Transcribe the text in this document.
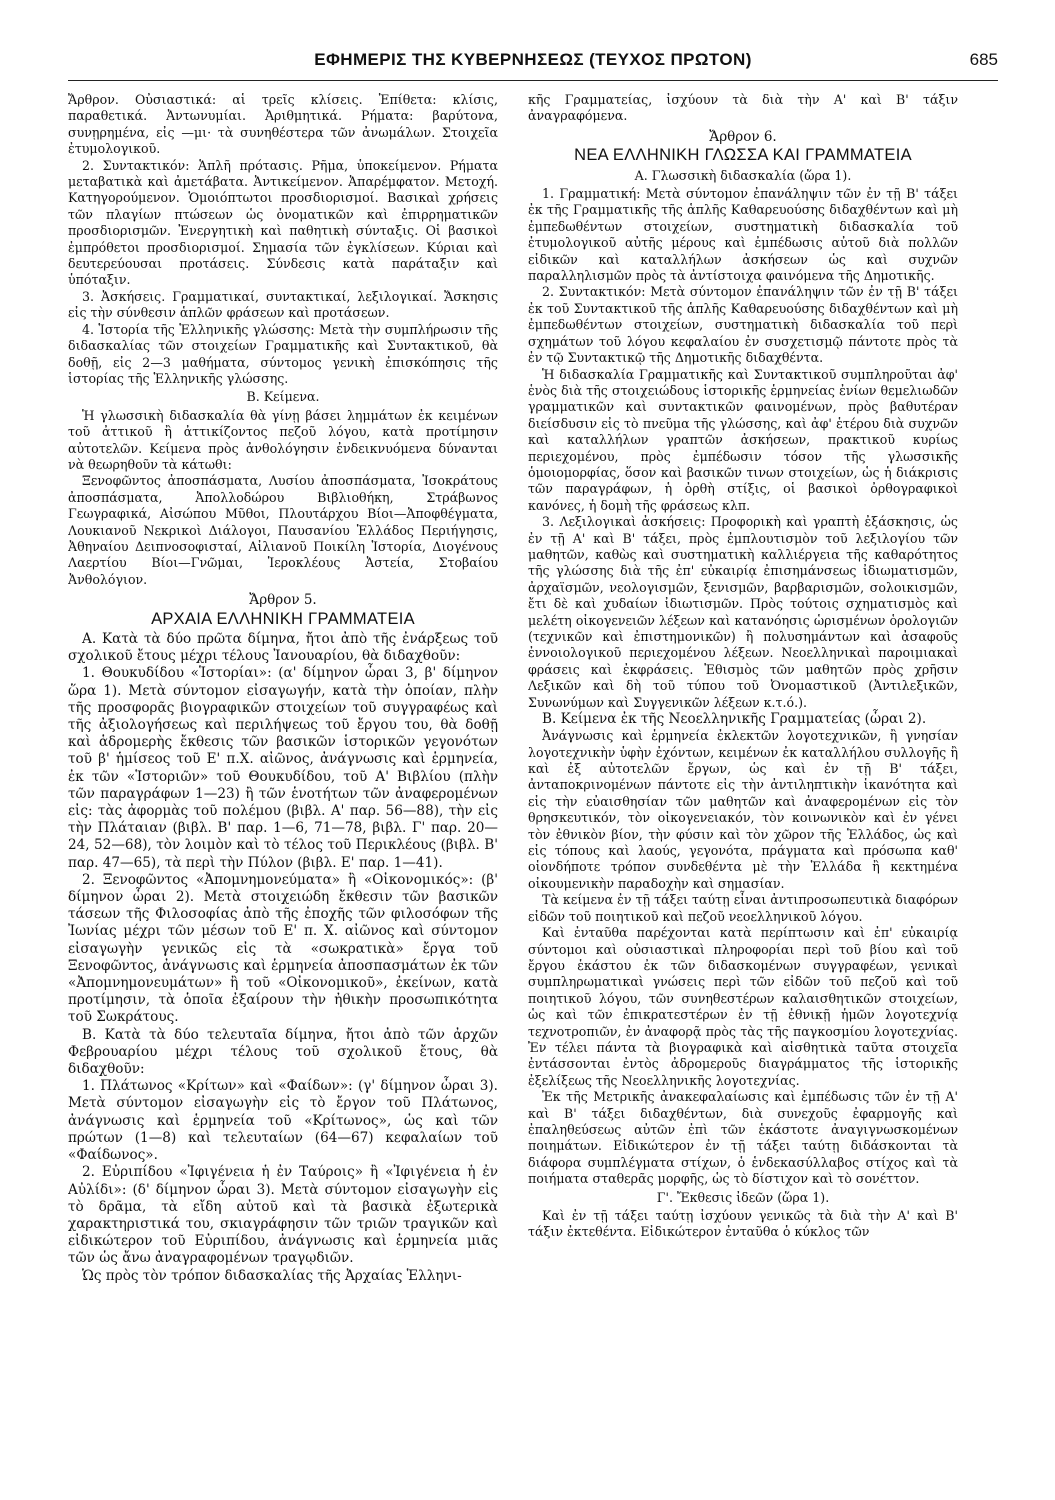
ΕΦΗΜΕΡΙΣ ΤΗΣ ΚΥΒΕΡΝΗΣΕΩΣ (ΤΕΥΧΟΣ ΠΡΩΤΟΝ)	685

Ἄρθρον. Οὐσιαστικά: αἱ τρεῖς κλίσεις. Ἐπίθετα: κλίσις, παραθετικά. Ἀντωνυμίαι. Ἀριθμητικά. Ρήματα: βαρύτονα, συνῃρημένα, εἰς —μι· τὰ συνηθέστερα τῶν ἀνωμάλων. Στοιχεῖα ἐτυμολογικοῦ.

2. Συντακτικόν: Ἁπλῆ πρότασις. Ρῆμα, ὑποκείμενον. Ρήματα μεταβατικὰ καὶ ἀμετάβατα. Ἀντικείμενον. Ἀπαρέμφατον. Μετοχή. Κατηγορούμενον. Ὁμοιόπτωτοι προσδιορισμοί. Βασικαὶ χρήσεις τῶν πλαγίων πτώσεων ὡς ὀνοματικῶν καὶ ἐπιρρηματικῶν προσδιορισμῶν. Ἐνεργητικὴ καὶ παθητικὴ σύνταξις. Οἱ βασικοὶ ἐμπρόθετοι προσδιορισμοί. Σημασία τῶν ἐγκλίσεων. Κύριαι καὶ δευτερεύουσαι προτάσεις. Σύνδεσις κατὰ παράταξιν καὶ ὑπόταξιν.

3. Ἀσκήσεις. Γραμματικαί, συντακτικαί, λεξιλογικαί. Ἄσκησις εἰς τὴν σύνθεσιν ἁπλῶν φράσεων καὶ προτάσεων.

4. Ἱστορία τῆς Ἑλληνικῆς γλώσσης: Μετὰ τὴν συμπλήρωσιν τῆς διδασκαλίας τῶν στοιχείων Γραμματικῆς καὶ Συντακτικοῦ, θὰ δοθῇ, εἰς 2—3 μαθήματα, σύντομος γενικὴ ἐπισκόπησις τῆς ἱστορίας τῆς Ἑλληνικῆς γλώσσης.

Β. Κείμενα.

Ἡ γλωσσικὴ διδασκαλία θὰ γίνῃ βάσει λημμάτων ἐκ κειμένων τοῦ ἀττικοῦ ἢ ἀττικίζοντος πεζοῦ λόγου, κατὰ προτίμησιν αὐτοτελῶν. Κείμενα πρὸς ἀνθολόγησιν ἐνδεικνυόμενα δύνανται νὰ θεωρηθοῦν τὰ κάτωθι:

Ξενοφῶντος ἀποσπάσματα, Λυσίου ἀποσπάσματα, Ἰσοκράτους ἀποσπάσματα, Ἀπολλοδώρου Βιβλιοθήκη, Στράβωνος Γεωγραφικά, Αἰσώπου Μῦθοι, Πλουτάρχου Βίοι—Ἀποφθέγματα, Λουκιανοῦ Νεκρικοὶ Διάλογοι, Παυσανίου Ἑλλάδος Περιήγησις, Ἀθηναίου Δειπνοσοφισταί, Αἰλιανοῦ Ποικίλη Ἱστορία, Διογένους Λαερτίου Βίοι—Γνῶμαι, Ἱεροκλέους Ἀστεία, Στοβαίου Ἀνθολόγιον.

Ἄρθρον 5.

ΑΡΧΑΙΑ ΕΛΛΗΝΙΚΗ ΓΡΑΜΜΑΤΕΙΑ

Α. Κατὰ τὰ δύο πρῶτα δίμηνα, ἤτοι ἀπὸ τῆς ἐνάρξεως τοῦ σχολικοῦ ἔτους μέχρι τέλους Ἰανουαρίου, θὰ διδαχθοῦν:

1. Θουκυδίδου «Ἱστορίαι»: (α' δίμηνον ὧραι 3, β' δίμηνον ὥρα 1). Μετὰ σύντομον εἰσαγωγήν, κατὰ τὴν ὁποίαν, πλὴν τῆς προσφορᾶς βιογραφικῶν στοιχείων τοῦ συγγραφέως καὶ τῆς ἀξιολογήσεως καὶ περιλήψεως τοῦ ἔργου του, θὰ δοθῇ καὶ ἁδρομερὴς ἔκθεσις τῶν βασικῶν ἱστορικῶν γεγονότων τοῦ β' ἡμίσεος τοῦ Ε' π.Χ. αἰῶνος, ἀνάγνωσις καὶ ἑρμηνεία, ἐκ τῶν «Ἱστοριῶν» τοῦ Θουκυδίδου, τοῦ Α' Βιβλίου (πλὴν τῶν παραγράφων 1—23) ἢ τῶν ἑνοτήτων τῶν ἀναφερομένων εἰς: τὰς ἀφορμὰς τοῦ πολέμου (βιβλ. Α' παρ. 56—88), τὴν εἰς τὴν Πλάταιαν (βιβλ. Β' παρ. 1—6, 71—78, βιβλ. Γ' παρ. 20—24, 52—68), τὸν λοιμὸν καὶ τὸ τέλος τοῦ Περικλέους (βιβλ. Β' παρ. 47—65), τὰ περὶ τὴν Πύλον (βιβλ. Ε' παρ. 1—41).

2. Ξενοφῶντος «Ἀπομνημονεύματα» ἢ «Οἰκονομικός»: (β' δίμηνον ὧραι 2). Μετὰ στοιχειώδη ἔκθεσιν τῶν βασικῶν τάσεων τῆς Φιλοσοφίας ἀπὸ τῆς ἐποχῆς τῶν φιλοσόφων τῆς Ἰωνίας μέχρι τῶν μέσων τοῦ Ε' π. Χ. αἰῶνος καὶ σύντομον εἰσαγωγὴν γενικῶς εἰς τὰ «σωκρατικὰ» ἔργα τοῦ Ξενοφῶντος, ἀνάγνωσις καὶ ἑρμηνεία ἀποσπασμάτων ἐκ τῶν «Ἀπομνημονευμάτων» ἢ τοῦ «Οἰκονομικοῦ», ἐκείνων, κατὰ προτίμησιν, τὰ ὁποῖα ἐξαίρουν τὴν ἠθικὴν προσωπικότητα τοῦ Σωκράτους.

Β. Κατὰ τὰ δύο τελευταῖα δίμηνα, ἤτοι ἀπὸ τῶν ἀρχῶν Φεβρουαρίου μέχρι τέλους τοῦ σχολικοῦ ἔτους, θὰ διδαχθοῦν:

1. Πλάτωνος «Κρίτων» καὶ «Φαίδων»: (γ' δίμηνον ὧραι 3). Μετὰ σύντομον εἰσαγωγὴν εἰς τὸ ἔργον τοῦ Πλάτωνος, ἀνάγνωσις καὶ ἑρμηνεία τοῦ «Κρίτωνος», ὡς καὶ τῶν πρώτων (1—8) καὶ τελευταίων (64—67) κεφαλαίων τοῦ «Φαίδωνος».

2. Εὐριπίδου «Ἰφιγένεια ἡ ἐν Ταύροις» ἢ «Ἰφιγένεια ἡ ἐν Αὐλίδι»: (δ' δίμηνον ὧραι 3). Μετὰ σύντομον εἰσαγωγὴν εἰς τὸ δρᾶμα, τὰ εἴδη αὐτοῦ καὶ τὰ βασικὰ ἐξωτερικὰ χαρακτηριστικά του, σκιαγράφησιν τῶν τριῶν τραγικῶν καὶ εἰδικώτερον τοῦ Εὐριπίδου, ἀνάγνωσις καὶ ἑρμηνεία μιᾶς τῶν ὡς ἄνω ἀναγραφομένων τραγῳδιῶν.

Ὡς πρὸς τὸν τρόπον διδασκαλίας τῆς Ἀρχαίας Ἑλληνι-

κῆς Γραμματείας, ἰσχύουν τὰ διὰ τὴν Α' καὶ Β' τάξιν ἀναγραφόμενα.

Ἄρθρον 6.

ΝΕΑ ΕΛΛΗΝΙΚΗ ΓΛΩΣΣΑ ΚΑΙ ΓΡΑΜΜΑΤΕΙΑ

Α. Γλωσσικὴ διδασκαλία (ὥρα 1).

1. Γραμματική: Μετὰ σύντομον ἐπανάληψιν τῶν ἐν τῇ Β' τάξει ἐκ τῆς Γραμματικῆς τῆς ἁπλῆς Καθαρευούσης διδαχθέντων καὶ μὴ ἐμπεδωθέντων στοιχείων, συστηματικὴ διδασκαλία τοῦ ἐτυμολογικοῦ αὐτῆς μέρους καὶ ἐμπέδωσις αὐτοῦ διὰ πολλῶν εἰδικῶν καὶ καταλλήλων ἀσκήσεων ὡς καὶ συχνῶν παραλληλισμῶν πρὸς τὰ ἀντίστοιχα φαινόμενα τῆς Δημοτικῆς.

2. Συντακτικόν: Μετὰ σύντομον ἐπανάληψιν τῶν ἐν τῇ Β' τάξει ἐκ τοῦ Συντακτικοῦ τῆς ἁπλῆς Καθαρευούσης διδαχθέντων καὶ μὴ ἐμπεδωθέντων στοιχείων, συστηματικὴ διδασκαλία τοῦ περὶ σχημάτων τοῦ λόγου κεφαλαίου ἐν συσχετισμῷ πάντοτε πρὸς τὰ ἐν τῷ Συντακτικῷ τῆς Δημοτικῆς διδαχθέντα.

Ἡ διδασκαλία Γραμματικῆς καὶ Συντακτικοῦ συμπληροῦται ἀφ' ἑνὸς διὰ τῆς στοιχειώδους ἱστορικῆς ἑρμηνείας ἐνίων θεμελιωδῶν γραμματικῶν καὶ συντακτικῶν φαινομένων, πρὸς βαθυτέραν διείσδυσιν εἰς τὸ πνεῦμα τῆς γλώσσης, καὶ ἀφ' ἑτέρου διὰ συχνῶν καὶ καταλλήλων γραπτῶν ἀσκήσεων, πρακτικοῦ κυρίως περιεχομένου, πρὸς ἐμπέδωσιν τόσον τῆς γλωσσικῆς ὁμοιομορφίας, ὅσον καὶ βασικῶν τινων στοιχείων, ὡς ἡ διάκρισις τῶν παραγράφων, ἡ ὀρθὴ στίξις, οἱ βασικοὶ ὀρθογραφικοὶ κανόνες, ἡ δομὴ τῆς φράσεως κλπ.

3. Λεξιλογικαὶ ἀσκήσεις: Προφορικὴ καὶ γραπτὴ ἐξάσκησις, ὡς ἐν τῇ Α' καὶ Β' τάξει, πρὸς ἐμπλουτισμὸν τοῦ λεξιλογίου τῶν μαθητῶν, καθὼς καὶ συστηματικὴ καλλιέργεια τῆς καθαρότητος τῆς γλώσσης διὰ τῆς ἐπ' εὐκαιρίᾳ ἐπισημάνσεως ἰδιωματισμῶν, ἀρχαϊσμῶν, νεολογισμῶν, ξενισμῶν, βαρβαρισμῶν, σολοικισμῶν, ἔτι δὲ καὶ χυδαίων ἰδιωτισμῶν. Πρὸς τούτοις σχηματισμὸς καὶ μελέτη οἰκογενειῶν λέξεων καὶ κατανόησις ὡρισμένων ὁρολογιῶν (τεχνικῶν καὶ ἐπιστημονικῶν) ἢ πολυσημάντων καὶ ἀσαφοῦς ἐννοιολογικοῦ περιεχομένου λέξεων. Νεοελληνικαὶ παροιμιακαὶ φράσεις καὶ ἐκφράσεις. Ἐθισμὸς τῶν μαθητῶν πρὸς χρῆσιν Λεξικῶν καὶ δὴ τοῦ τύπου τοῦ Ὀνομαστικοῦ (Ἀντιλεξικῶν, Συνωνύμων καὶ Συγγενικῶν λέξεων κ.τ.ό.).

Β. Κείμενα ἐκ τῆς Νεοελληνικῆς Γραμματείας (ὧραι 2).

Ἀνάγνωσις καὶ ἑρμηνεία ἐκλεκτῶν λογοτεχνικῶν, ἢ γνησίαν λογοτεχνικὴν ὑφὴν ἐχόντων, κειμένων ἐκ καταλλήλου συλλογῆς ἢ καὶ ἐξ αὐτοτελῶν ἔργων, ὡς καὶ ἐν τῇ Β' τάξει, ἀνταποκρινομένων πάντοτε εἰς τὴν ἀντιληπτικὴν ἱκανότητα καὶ εἰς τὴν εὐαισθησίαν τῶν μαθητῶν καὶ ἀναφερομένων εἰς τὸν θρησκευτικόν, τὸν οἰκογενειακόν, τὸν κοινωνικὸν καὶ ἐν γένει τὸν ἐθνικὸν βίον, τὴν φύσιν καὶ τὸν χῶρον τῆς Ἑλλάδος, ὡς καὶ εἰς τόπους καὶ λαούς, γεγονότα, πράγματα καὶ πρόσωπα καθ' οἱονδήποτε τρόπον συνδεθέντα μὲ τὴν Ἑλλάδα ἢ κεκτημένα οἰκουμενικὴν παραδοχὴν καὶ σημασίαν.

Τὰ κείμενα ἐν τῇ τάξει ταύτῃ εἶναι ἀντιπροσωπευτικὰ διαφόρων εἰδῶν τοῦ ποιητικοῦ καὶ πεζοῦ νεοελληνικοῦ λόγου.

Καὶ ἐνταῦθα παρέχονται κατὰ περίπτωσιν καὶ ἐπ' εὐκαιρίᾳ σύντομοι καὶ οὐσιαστικαὶ πληροφορίαι περὶ τοῦ βίου καὶ τοῦ ἔργου ἑκάστου ἐκ τῶν διδασκομένων συγγραφέων, γενικαὶ συμπληρωματικαὶ γνώσεις περὶ τῶν εἰδῶν τοῦ πεζοῦ καὶ τοῦ ποιητικοῦ λόγου, τῶν συνηθεστέρων καλαισθητικῶν στοιχείων, ὡς καὶ τῶν ἐπικρατεστέρων ἐν τῇ ἐθνικῇ ἡμῶν λογοτεχνίᾳ τεχνοτροπιῶν, ἐν ἀναφορᾷ πρὸς τὰς τῆς παγκοσμίου λογοτεχνίας. Ἐν τέλει πάντα τὰ βιογραφικὰ καὶ αἰσθητικὰ ταῦτα στοιχεῖα ἐντάσσονται ἐντὸς ἀδρομεροῦς διαγράμματος τῆς ἱστορικῆς ἐξελίξεως τῆς Νεοελληνικῆς λογοτεχνίας.

Ἐκ τῆς Μετρικῆς ἀνακεφαλαίωσις καὶ ἐμπέδωσις τῶν ἐν τῇ Α' καὶ Β' τάξει διδαχθέντων, διὰ συνεχοῦς ἐφαρμογῆς καὶ ἐπαληθεύσεως αὐτῶν ἐπὶ τῶν ἑκάστοτε ἀναγιγνωσκομένων ποιημάτων. Εἰδικώτερον ἐν τῇ τάξει ταύτῃ διδάσκονται τὰ διάφορα συμπλέγματα στίχων, ὁ ἑνδεκασύλλαβος στίχος καὶ τὰ ποιήματα σταθερᾶς μορφῆς, ὡς τὸ δίστιχον καὶ τὸ σονέττον.

Γ'. Ἔκθεσις ἰδεῶν (ὥρα 1).

Καὶ ἐν τῇ τάξει ταύτῃ ἰσχύουν γενικῶς τὰ διὰ τὴν Α' καὶ Β' τάξιν ἐκτεθέντα. Εἰδικώτερον ἐνταῦθα ὁ κύκλος τῶν
